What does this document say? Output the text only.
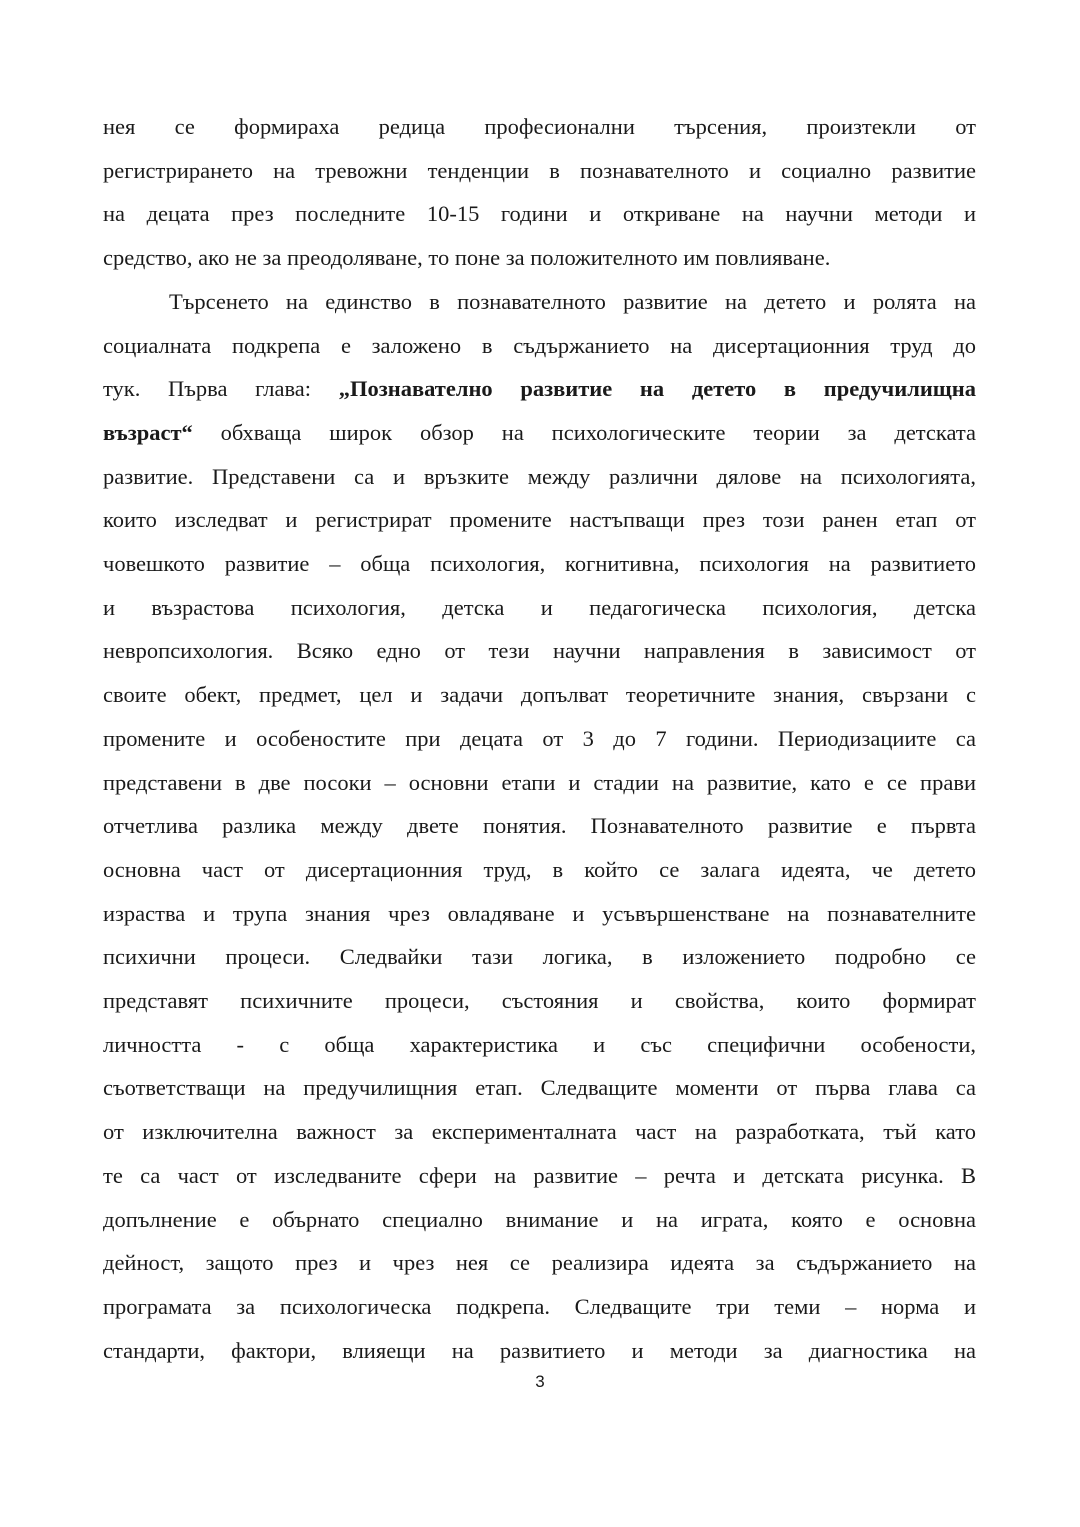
нея се формираха редица професионални търсения, произтекли от
регистрирането на тревожни тенденции в познавателното и социално развитие
на децата през последните 10-15 години и откриване на научни методи и
средство, ако не за преодоляване, то поне за положителното им повлияване.

Търсенето на единство в познавателното развитие на детето и ролята на
социалната подкрепа е заложено в съдържанието на дисертационния труд до
тук. Първа глава: „Познавателно развитие на детето в предучилищна
възраст“ обхваща широк обзор на психологическите теории за детската
развитие. Представени са и връзките между различни дялове на психологията,
които изследват и регистрират промените настъпващи през този ранен етап от
човешкото развитие – обща психология, когнитивна, психология на развитието
и възрастова психология, детска и педагогическа психология, детска
невропсихология. Всяко едно от тези научни направления в зависимост от
своите обект, предмет, цел и задачи допълват теоретичните знания, свързани с
промените и особеностите при децата от 3 до 7 години. Периодизациите са
представени в две посоки – основни етапи и стадии на развитие, като е се прави
отчетлива разлика между двете понятия. Познавателното развитие е първта
основна част от дисертационния труд, в който се залага идеята, че детето
израства и трупа знания чрез овладяване и усъвършенстване на познавателните
психични процеси. Следвайки тази логика, в изложението подробно се
представят психичните процеси, състояния и свойства, които формират
личността - с обща характеристика и със специфични особености,
съответстващи на предучилищния етап. Следващите моменти от първа глава са
от изключителна важност за експерименталната част на разработката, тъй като
те са част от изследваните сфери на развитие – речта и детската рисунка. В
допълнение е обърнато специално внимание и на играта, която е основна
дейност, защото през и чрез нея се реализира идеята за съдържанието на
програмата за психологическа подкрепа. Следващите три теми – норма и
стандарти, фактори, влияещи на развитието и методи за диагностика на

3
